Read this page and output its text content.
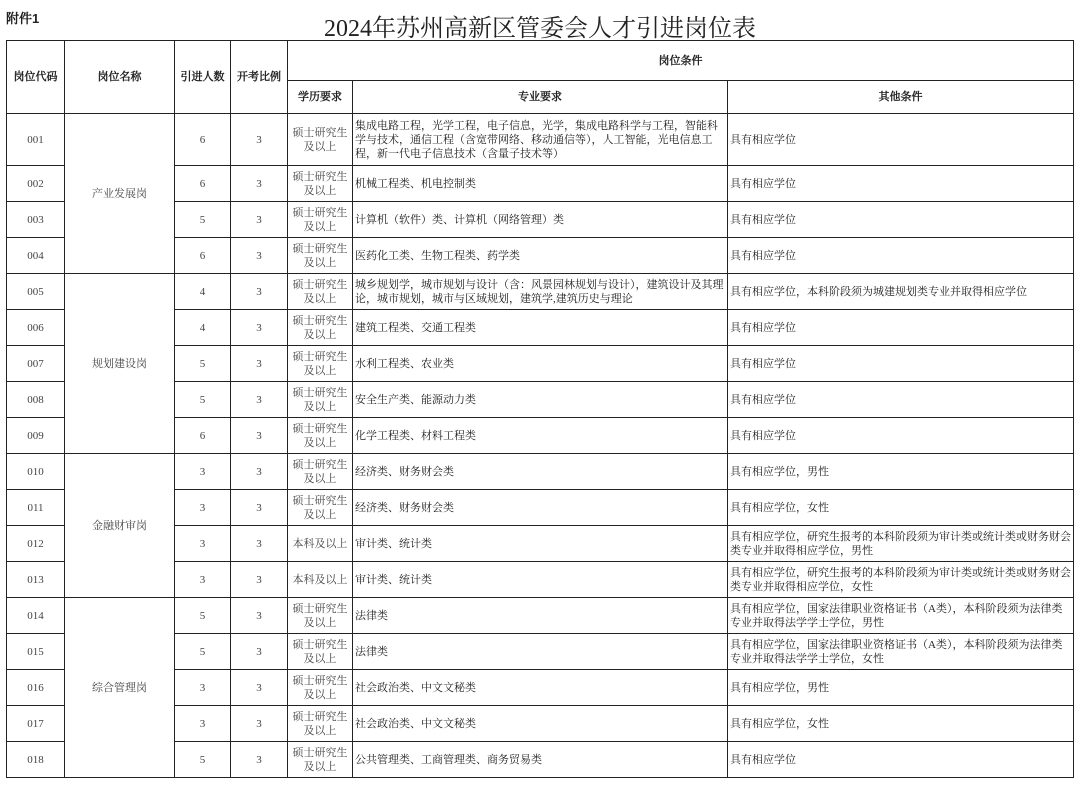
附件1	2024年苏州高新区管委会人才引进岗位表
岗位代码	岗位名称	引进人数	开考比例	岗位条件		
				学历要求	专业要求	其他条件
001	产业发展岗	6	3	硕士研究生及以上	集成电路工程，光学工程，电子信息，光学，集成电路科学与工程，智能科学与技术，通信工程（含宽带网络、移动通信等），人工智能，光电信息工程，新一代电子信息技术（含量子技术等）	具有相应学位
002		6	3	硕士研究生及以上	机械工程类、机电控制类	具有相应学位
003		5	3	硕士研究生及以上	计算机（软件）类、计算机（网络管理）类	具有相应学位
004		6	3	硕士研究生及以上	医药化工类、生物工程类、药学类	具有相应学位
005	规划建设岗	4	3	硕士研究生及以上	城乡规划学，城市规划与设计（含：风景园林规划与设计），建筑设计及其理论，城市规划，城市与区域规划，建筑学,建筑历史与理论	具有相应学位，本科阶段须为城建规划类专业并取得相应学位
006		4	3	硕士研究生及以上	建筑工程类、交通工程类	具有相应学位
007		5	3	硕士研究生及以上	水利工程类、农业类	具有相应学位
008		5	3	硕士研究生及以上	安全生产类、能源动力类	具有相应学位
009		6	3	硕士研究生及以上	化学工程类、材料工程类	具有相应学位
010	金融财审岗	3	3	硕士研究生及以上	经济类、财务财会类	具有相应学位，男性
011		3	3	硕士研究生及以上	经济类、财务财会类	具有相应学位，女性
012		3	3	本科及以上	审计类、统计类	具有相应学位，研究生报考的本科阶段须为审计类或统计类或财务财会类专业并取得相应学位，男性
013		3	3	本科及以上	审计类、统计类	具有相应学位，研究生报考的本科阶段须为审计类或统计类或财务财会类专业并取得相应学位，女性
014	综合管理岗	5	3	硕士研究生及以上	法律类	具有相应学位，国家法律职业资格证书（A类），本科阶段须为法律类专业并取得法学学士学位，男性
015		5	3	硕士研究生及以上	法律类	具有相应学位，国家法律职业资格证书（A类），本科阶段须为法律类专业并取得法学学士学位，女性
016		3	3	硕士研究生及以上	社会政治类、中文文秘类	具有相应学位，男性
017		3	3	硕士研究生及以上	社会政治类、中文文秘类	具有相应学位，女性
018		5	3	硕士研究生及以上	公共管理类、工商管理类、商务贸易类	具有相应学位
